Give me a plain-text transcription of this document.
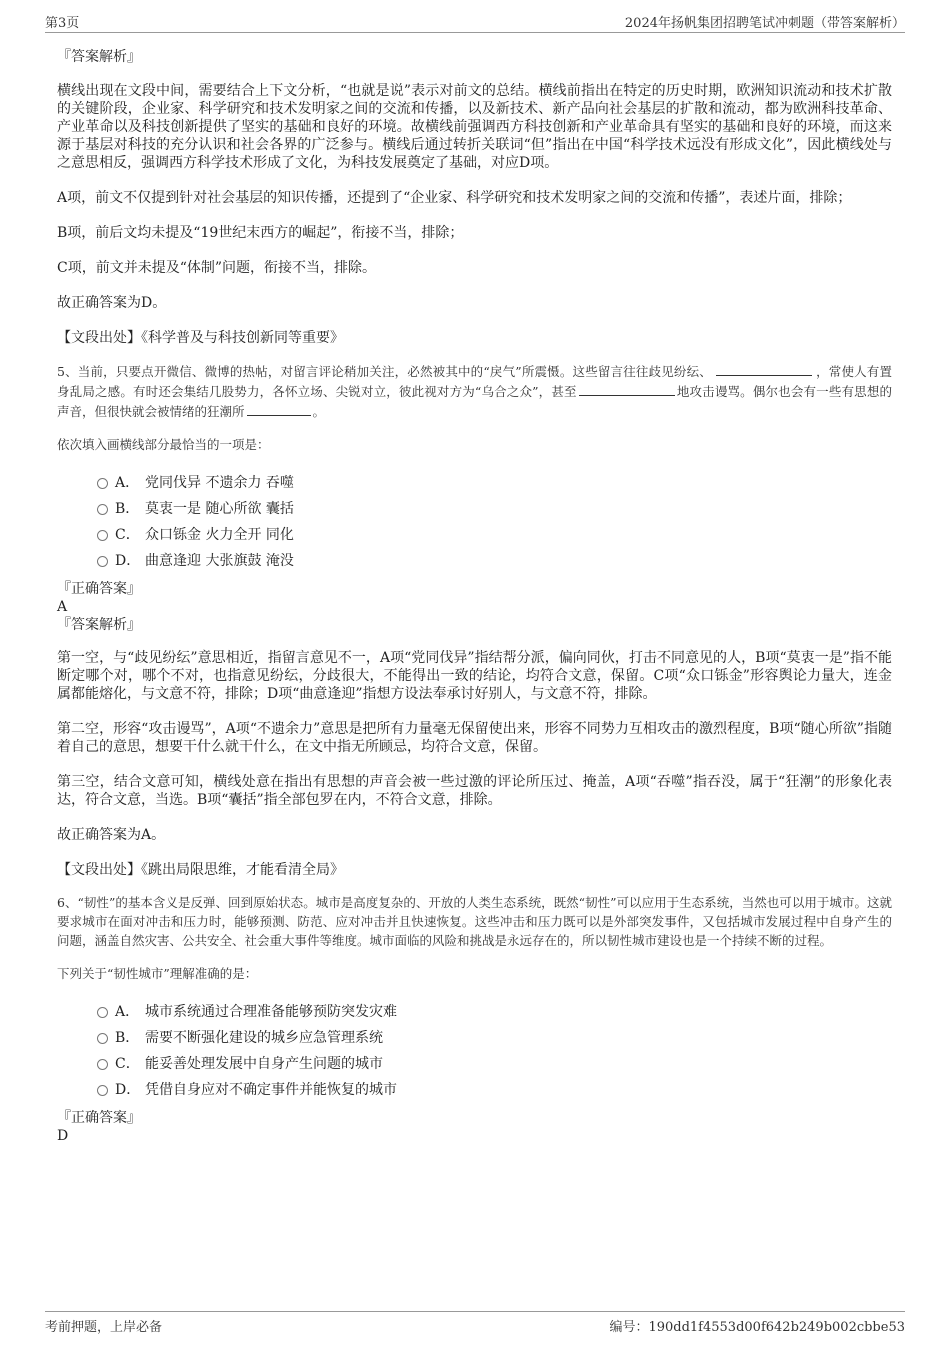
第3页	2024年扬帆集团招聘笔试冲刺题（带答案解析）

『答案解析』

横线出现在文段中间，需要结合上下文分析，“也就是说”表示对前文的总结。横线前指出在特定的历史时期，欧洲知识流动和技术扩散的关键阶段，企业家、科学研究和技术发明家之间的交流和传播，以及新技术、新产品向社会基层的扩散和流动，都为欧洲科技革命、产业革命以及科技创新提供了坚实的基础和良好的环境。故横线前强调西方科技创新和产业革命具有坚实的基础和良好的环境，而这来源于基层对科技的充分认识和社会各界的广泛参与。横线后通过转折关联词“但”指出在中国“科学技术远没有形成文化”，因此横线处与之意思相反，强调西方科学技术形成了文化，为科技发展奠定了基础，对应D项。

A项，前文不仅提到针对社会基层的知识传播，还提到了“企业家、科学研究和技术发明家之间的交流和传播”，表述片面，排除；

B项，前后文均未提及“19世纪末西方的崛起”，衔接不当，排除；

C项，前文并未提及“体制”问题，衔接不当，排除。

故正确答案为D。

【文段出处】《科学普及与科技创新同等重要》

5、当前，只要点开微信、微博的热帖，对留言评论稍加关注，必然被其中的“戾气”所震慑。这些留言往往歧见纷纭、	，常使人有置身乱局之感。有时还会集结几股势力，各怀立场、尖锐对立，彼此视对方为“乌合之众”，甚至	地攻击谩骂。偶尔也会有一些有思想的声音，但很快就会被情绪的狂潮所	。

依次填入画横线部分最恰当的一项是：

A． 党同伐异 不遗余力 吞噬
B． 莫衷一是 随心所欲 囊括
C． 众口铄金 火力全开 同化
D． 曲意逢迎 大张旗鼓 淹没

『正确答案』

A

『答案解析』

第一空，与“歧见纷纭”意思相近，指留言意见不一，A项“党同伐异”指结帮分派，偏向同伙，打击不同意见的人，B项“莫衷一是”指不能断定哪个对，哪个不对，也指意见纷纭，分歧很大，不能得出一致的结论，均符合文意，保留。C项“众口铄金”形容舆论力量大，连金属都能熔化，与文意不符，排除；D项“曲意逢迎”指想方设法奉承讨好别人，与文意不符，排除。

第二空，形容“攻击谩骂”，A项“不遗余力”意思是把所有力量毫无保留使出来，形容不同势力互相攻击的激烈程度，B项“随心所欲”指随着自己的意思，想要干什么就干什么，在文中指无所顾忌，均符合文意，保留。

第三空，结合文意可知，横线处意在指出有思想的声音会被一些过激的评论所压过、掩盖，A项“吞噬”指吞没，属于“狂潮”的形象化表达，符合文意，当选。B项“囊括”指全部包罗在内，不符合文意，排除。

故正确答案为A。

【文段出处】《跳出局限思维，才能看清全局》

6、“韧性”的基本含义是反弹、回到原始状态。城市是高度复杂的、开放的人类生态系统，既然“韧性”可以应用于生态系统，当然也可以用于城市。这就要求城市在面对冲击和压力时，能够预测、防范、应对冲击并且快速恢复。这些冲击和压力既可以是外部突发事件，又包括城市发展过程中自身产生的问题，涵盖自然灾害、公共安全、社会重大事件等维度。城市面临的风险和挑战是永远存在的，所以韧性城市建设也是一个持续不断的过程。

下列关于“韧性城市”理解准确的是：

A． 城市系统通过合理准备能够预防突发灾难
B． 需要不断强化建设的城乡应急管理系统
C． 能妥善处理发展中自身产生问题的城市
D． 凭借自身应对不确定事件并能恢复的城市

『正确答案』

D

考前押题，上岸必备	编号：190dd1f4553d00f642b249b002cbbe53
